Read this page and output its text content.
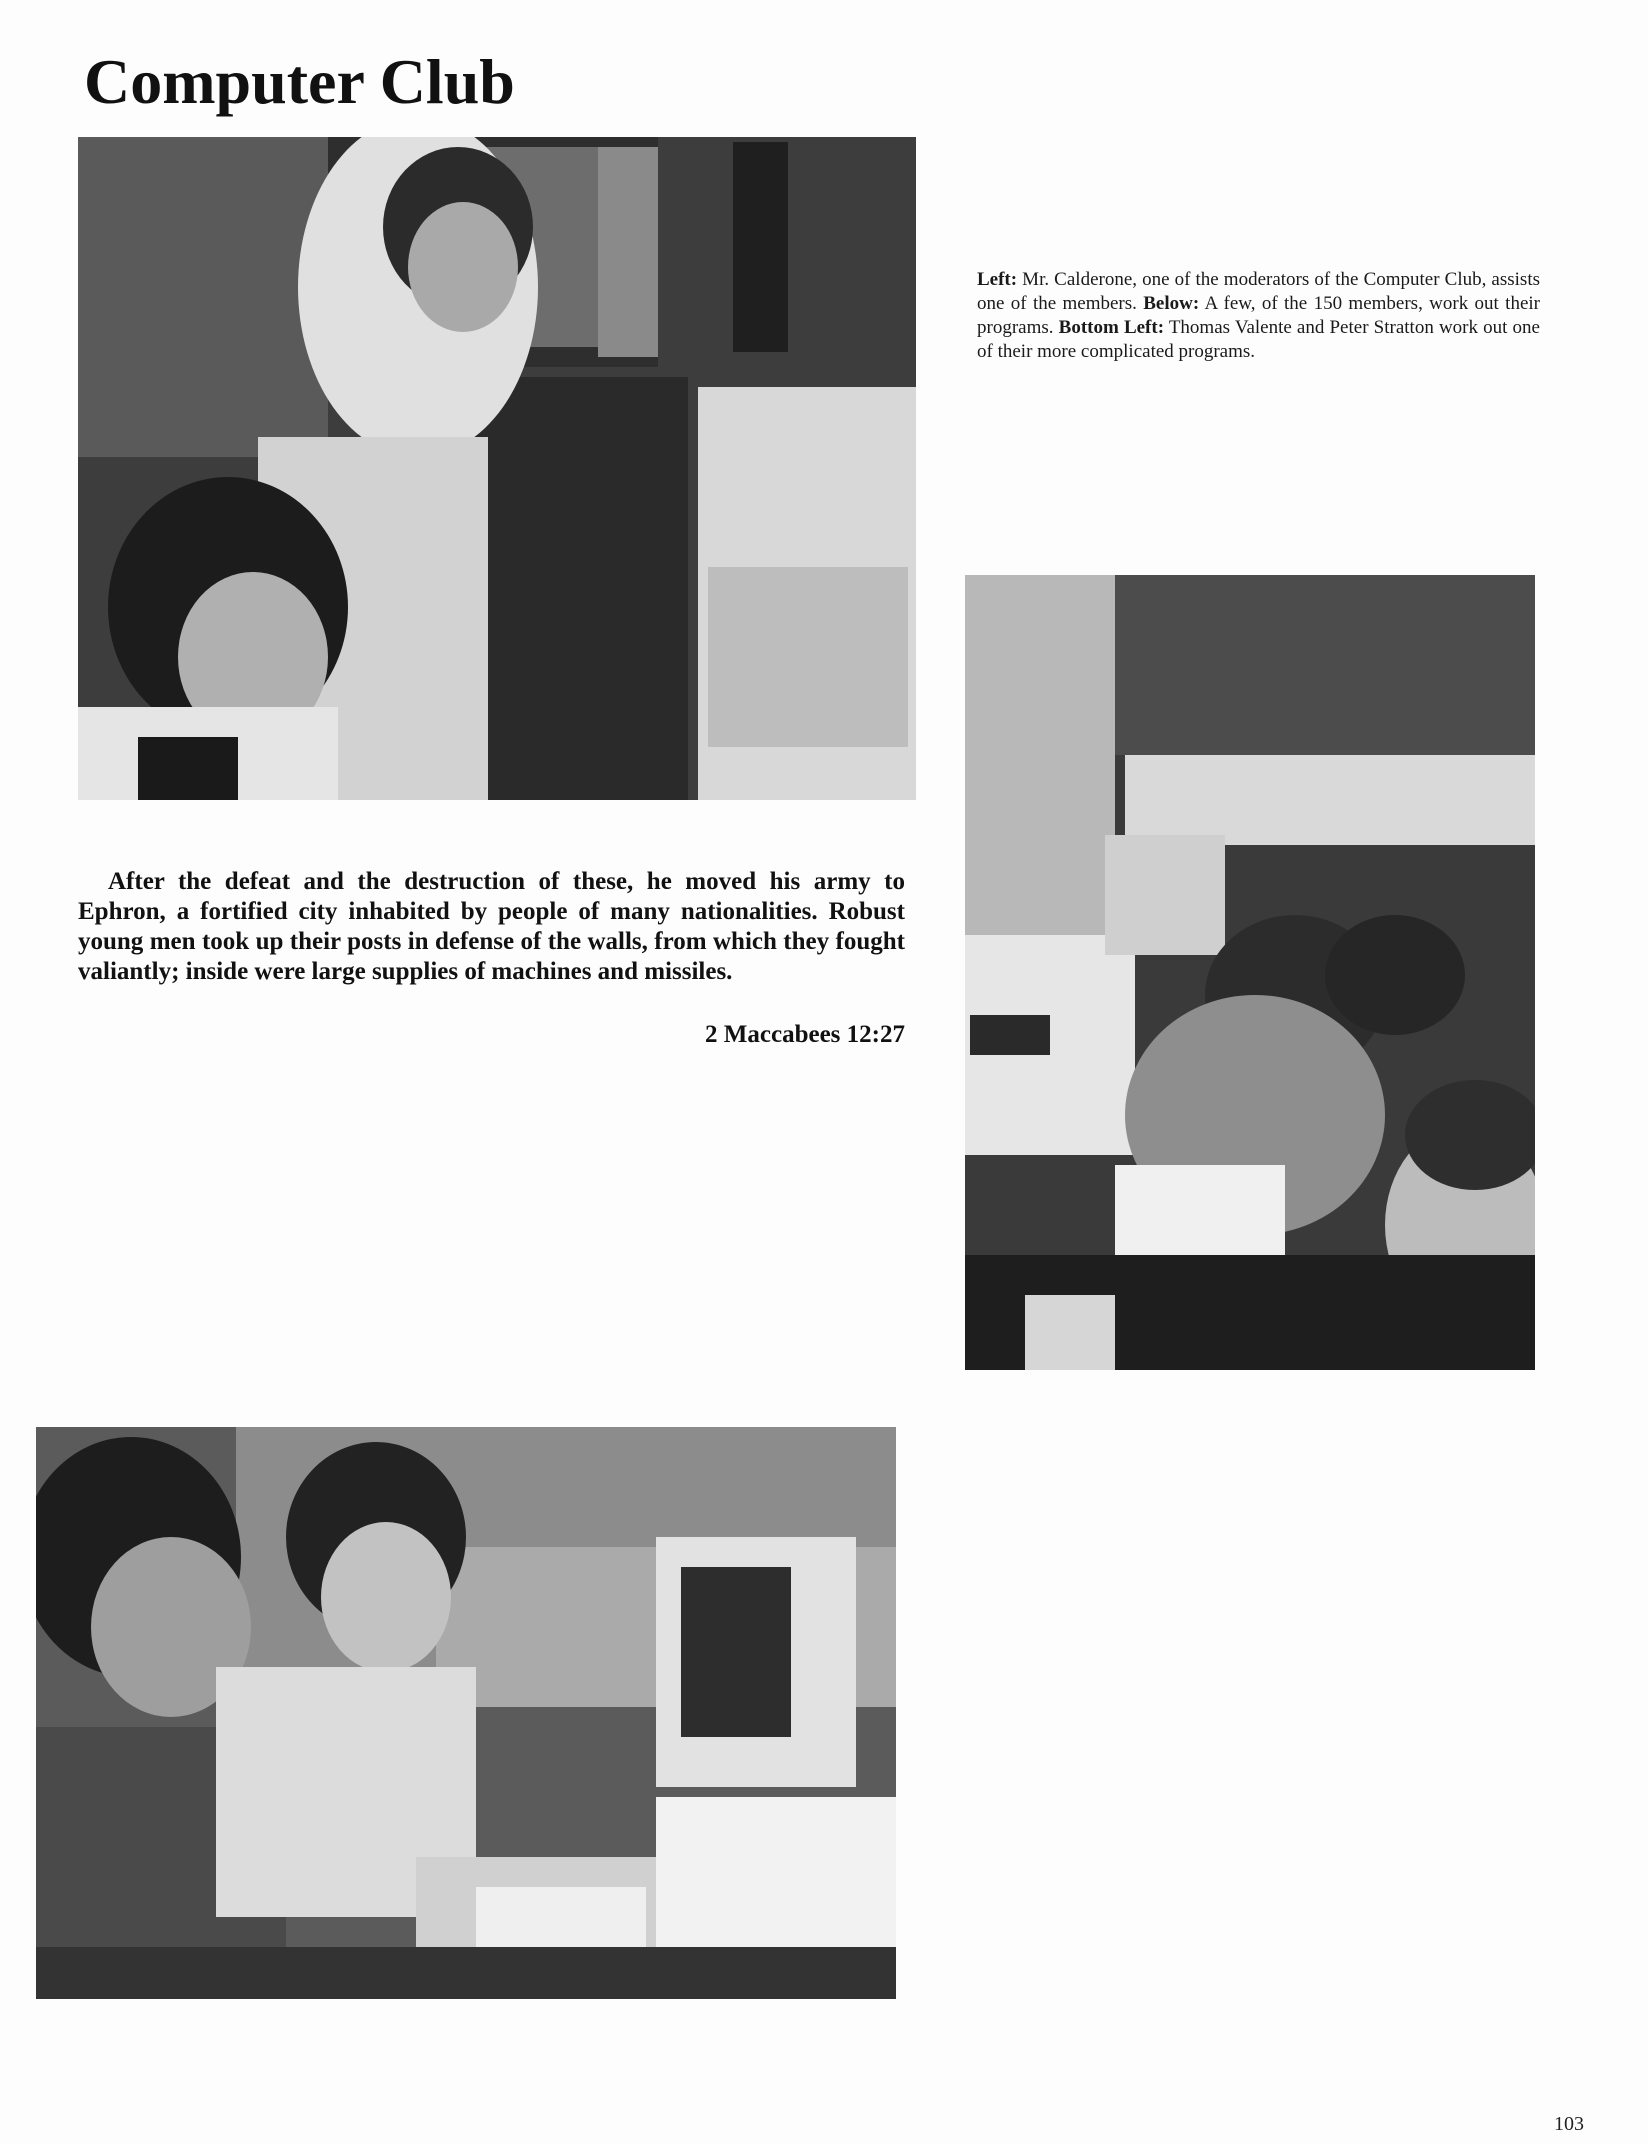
Computer Club

Left: Mr. Calderone, one of the moderators of the Computer Club, assists one of the members. Below: A few, of the 150 members, work out their programs. Bottom Left: Thomas Valente and Peter Stratton work out one of their more complicated programs.

After the defeat and the destruction of these, he moved his army to Ephron, a fortified city inhabited by people of many nationalities. Robust young men took up their posts in defense of the walls, from which they fought valiantly; inside were large supplies of machines and missiles.

2 Maccabees 12:27

103
